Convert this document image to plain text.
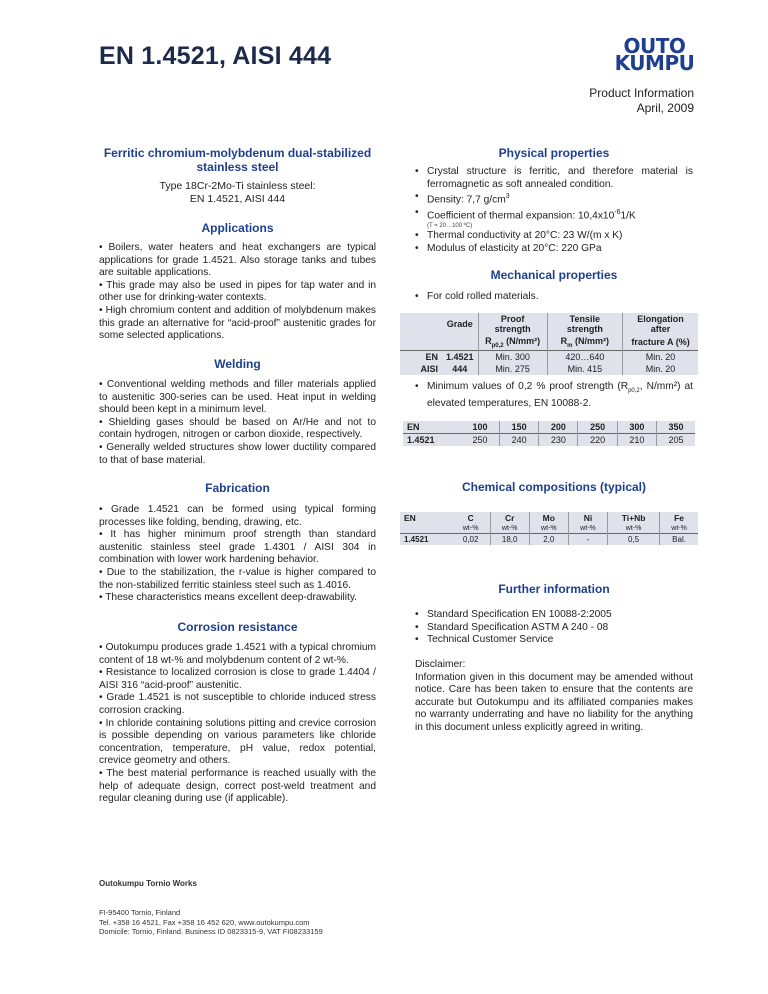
EN 1.4521, AISI 444	OUTO
KUMPU
Product Information
April, 2009
Ferritic chromium-molybdenum dual-stabilized stainless steel
Type 18Cr-2Mo-Ti stainless steel:
EN 1.4521, AISI 444
Applications

• Boilers, water heaters and heat exchangers are typical applications for grade 1.4521. Also storage tanks and tubes are suitable applications.

• This grade may also be used in pipes for tap water and in other use for drinking-water contexts.

• High chromium content and addition of molybdenum makes this grade an alternative for “acid-proof” austenitic grades for some selected applications.

Welding

• Conventional welding methods and filler materials applied to austenitic 300-series can be used. Heat input in welding should been kept in a minimum level.

• Shielding gases should be based on Ar/He and not to contain hydrogen, nitrogen or carbon dioxide, respectively.

• Generally welded structures show lower ductility compared to that of base material.

Fabrication

• Grade 1.4521 can be formed using typical forming processes like folding, bending, drawing, etc.

• It has higher minimum proof strength than standard austenitic stainless steel grade 1.4301 / AISI 304 in combination with lower work hardening behavior.

• Due to the stabilization, the r-value is higher compared to the non-stabilized ferritic stainless steel such as 1.4016.

• These characteristics means excellent deep-drawability.

Corrosion resistance

• Outokumpu produces grade 1.4521 with a typical chromium content of 18 wt-% and molybdenum content of 2 wt-%.

• Resistance to localized corrosion is close to grade 1.4404 / AISI 316 “acid-proof” austenitic.

• Grade 1.4521 is not susceptible to chloride induced stress corrosion cracking.

• In chloride containing solutions pitting and crevice corrosion is possible depending on various parameters like chloride concentration, temperature, pH value, redox potential, crevice geometry and others.

• The best material performance is reached usually with the help of adequate design, correct post-weld treatment and regular cleaning during use (if applicable).

Physical properties
• Crystal structure is ferritic, and therefore material is ferromagnetic as soft annealed condition.
• Density: 7,7 $g/cm^3$
• Coefficient of thermal expansion: $10,4x10^{-6}1/K$
(T = 20…100 ºC)
• Thermal conductivity at 20°C: 23 W/(m x K)
• Modulus of elasticity at 20°C: 220 GPa
Mechanical properties
• For cold rolled materials.
	Grade	Proof strength	Tensile strength	Elongation after
		$R_{p0,2}$ (N/mm²)	$R_m$ (N/mm²)	fracture A (%)
EN	1.4521	Min. 300	420…640	Min. 20
AISI	444	Min. 275	Min. 415	Min. 20
• Minimum values of 0,2 % proof strength ($R_{p0,2}$, N/mm²) at elevated temperatures, EN 10088-2.
EN	100	150	200	250	300	350
1.4521	250	240	230	220	210	205
Chemical compositions (typical)
EN	C	Cr	Mo	Ni	Ti+Nb	Fe
	wt-%	wt-%	wt-%	wt-%	wt-%	wt-%
1.4521	0,02	18,0	2,0	-	0,5	Bal.
Further information
• Standard Specification EN 10088-2:2005
• Standard Specification ASTM A 240 - 08
• Technical Customer Service
Disclaimer:
Information given in this document may be amended without notice. Care has been taken to ensure that the contents are accurate but Outokumpu and its affiliated companies makes no warranty underrating and have no liability for the anything in this document unless explicitly agreed in writing.
Outokumpu Tornio Works
FI-95400 Tornio, Finland
Tel. +358 16 4521, Fax +358 16 452 620, www.outokumpu.com
Domicile: Tornio, Finland. Business ID 0823315-9, VAT FI08233159
